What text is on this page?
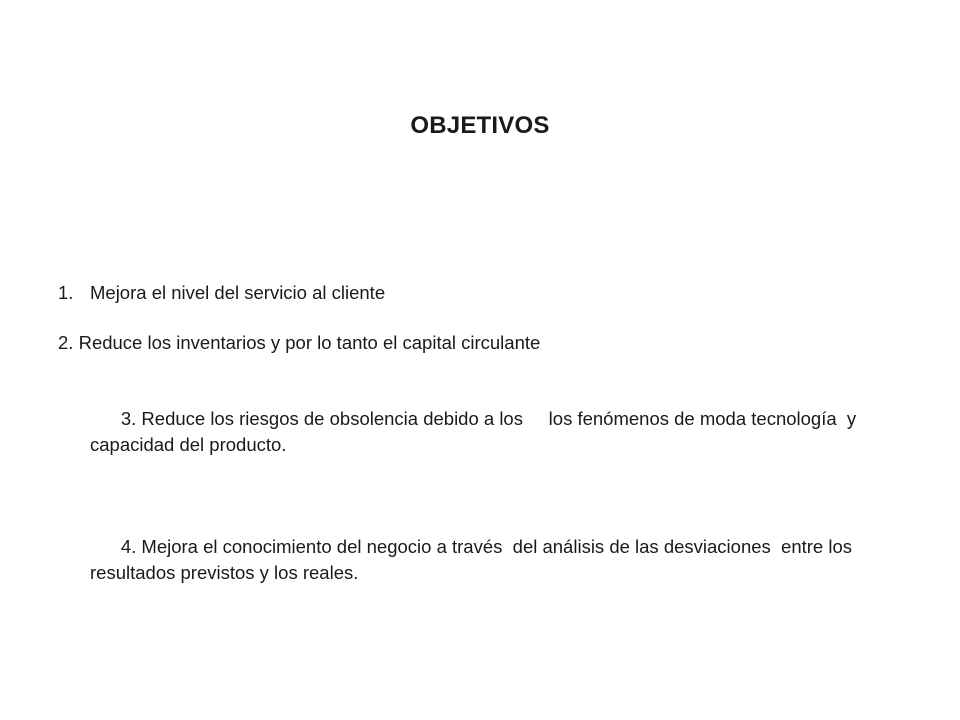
OBJETIVOS
1. Mejora el nivel del servicio al cliente
2. Reduce los inventarios y por lo tanto el capital circulante

3. Reduce los riesgos de obsolencia debido a los     los fenómenos de moda tecnología  y capacidad del producto.

4. Mejora el conocimiento del negocio a través  del análisis de las desviaciones  entre los resultados previstos y los reales.
